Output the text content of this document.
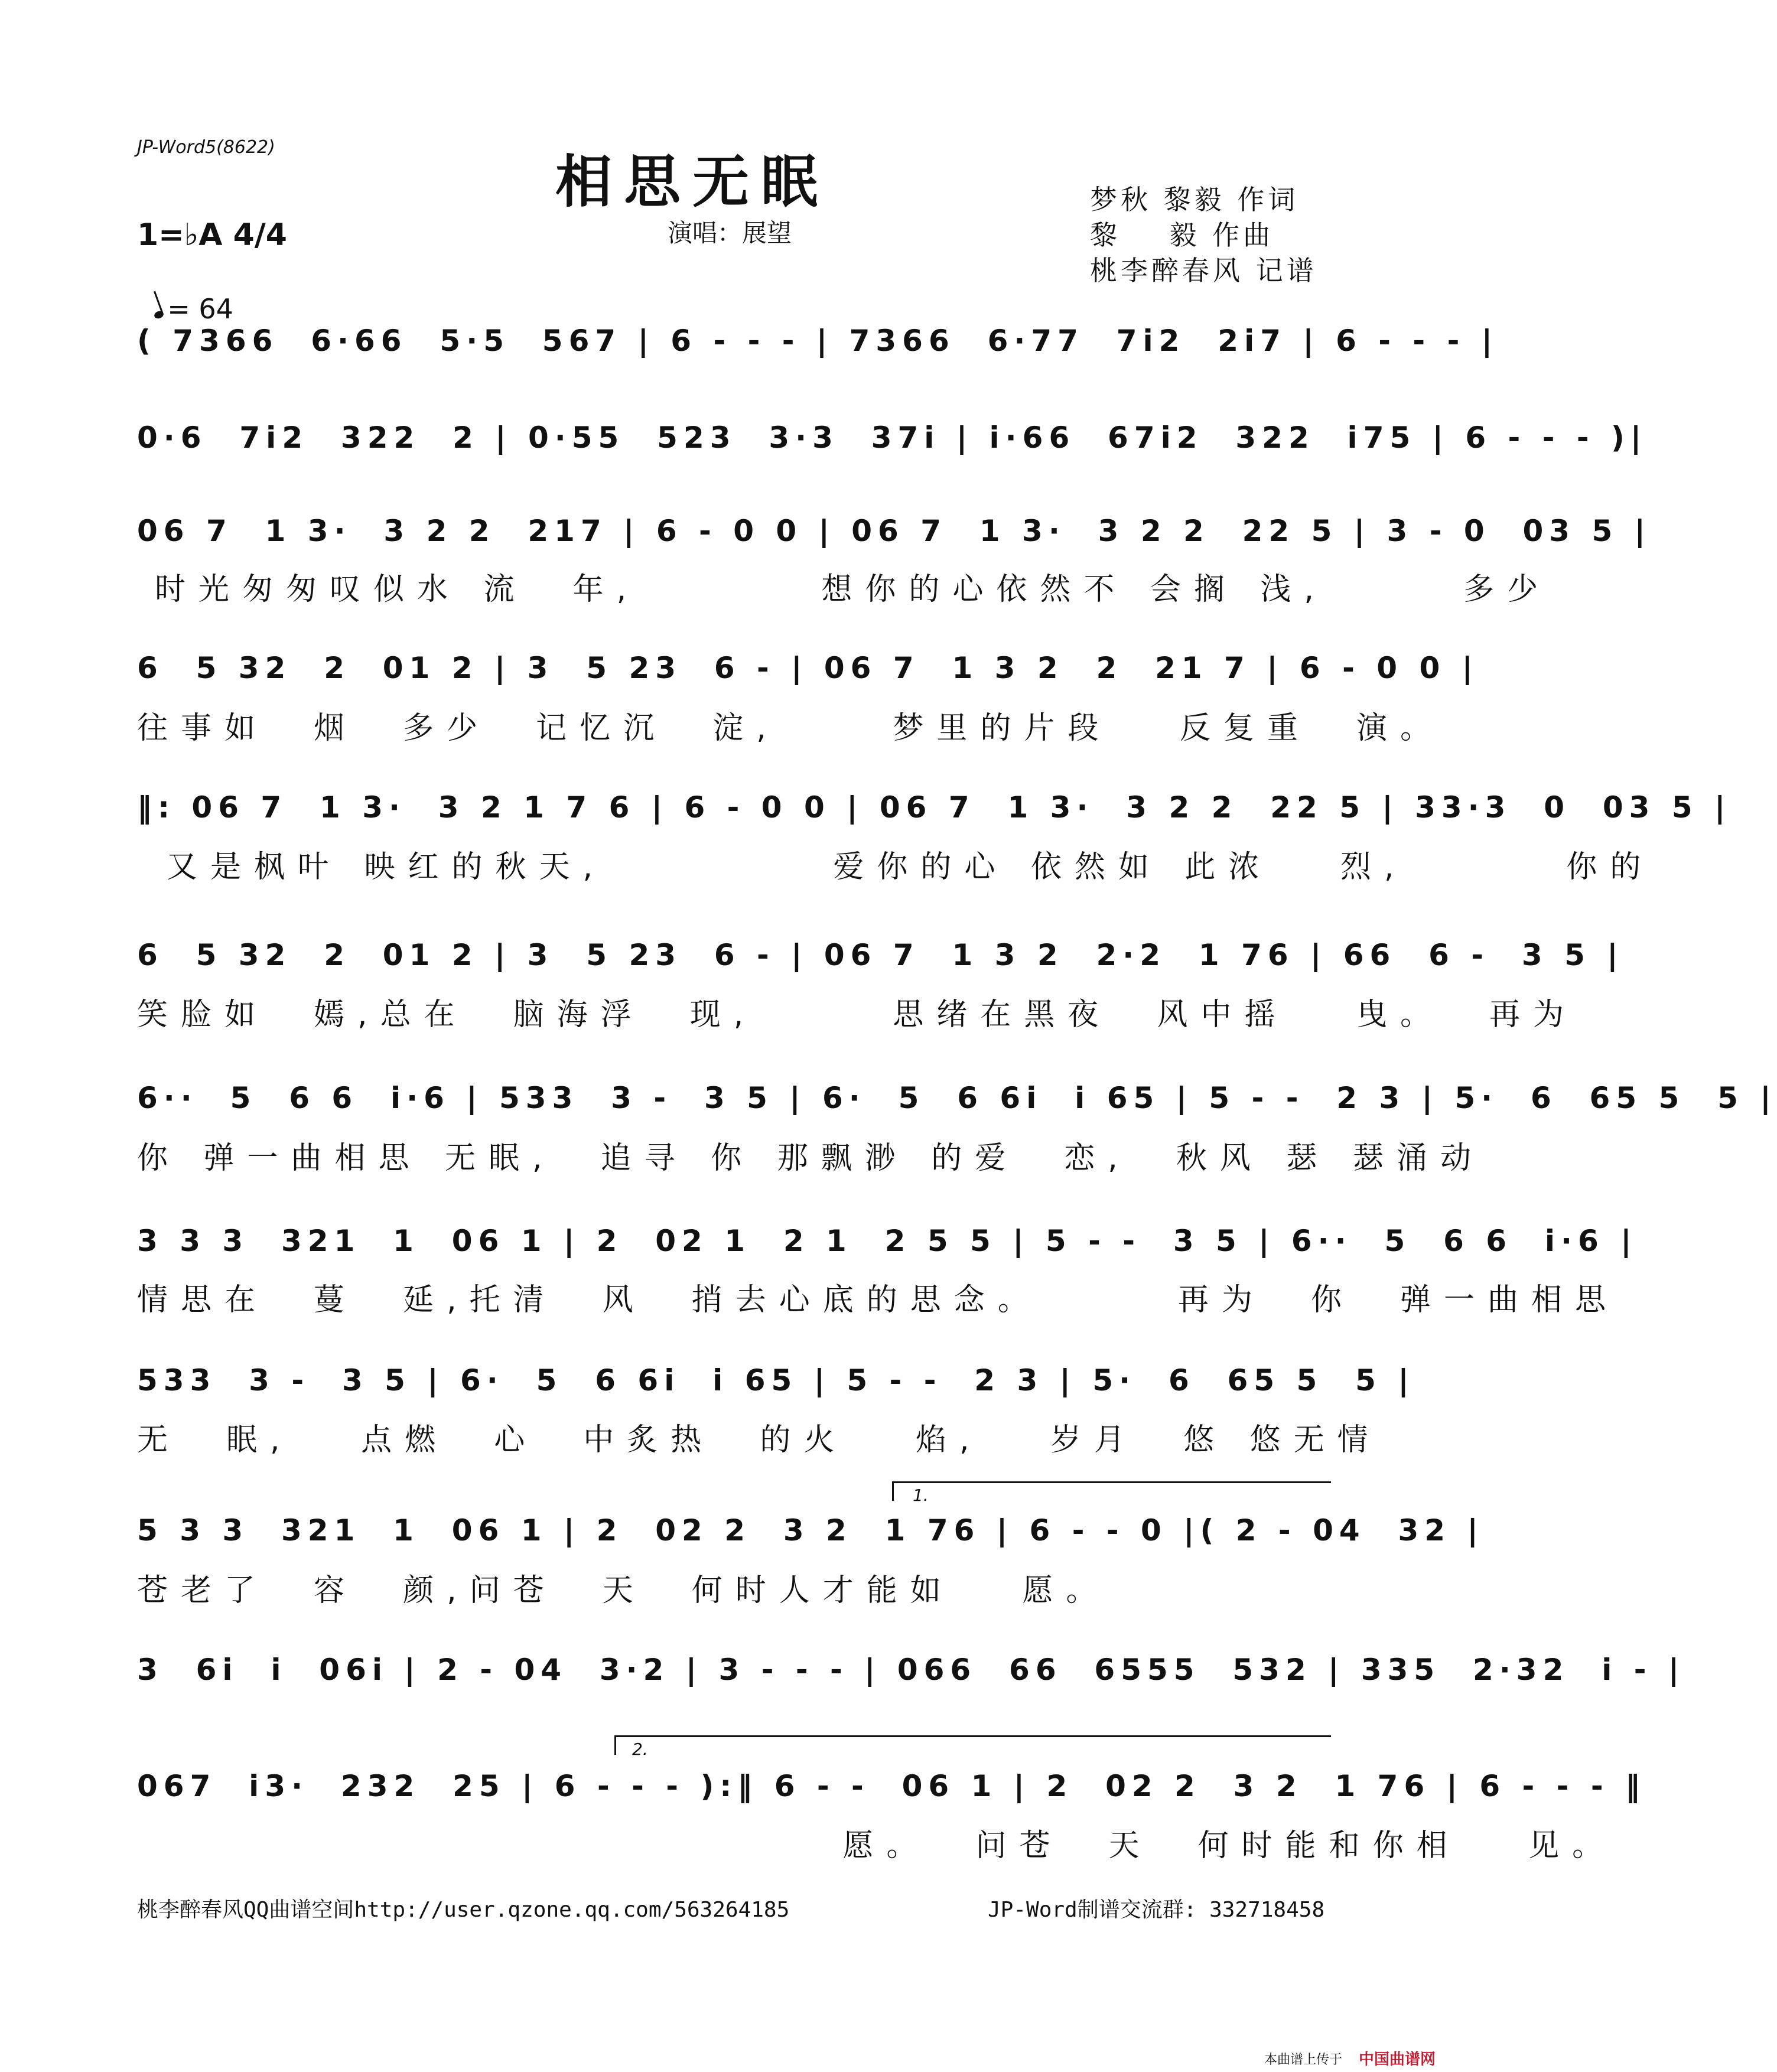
JP-Word5(8622)
相思无眠
演唱：展望
梦秋 黎毅 作词
黎    毅 作曲
桃李醉春风 记谱
1=♭A 4/4

= 64

( 7366  6·66  5·5  567 | 6 - - - | 7366  6·77  7i2  2i7 | 6 - - - |
0·6  7i2  322  2 | 0·55  523  3·3  37i | i·66  67i2  322  i75 | 6 - - - )|
06 7  1 3·  3 2 2  217 | 6 - 0 0 | 06 7  1 3·  3 2 2  22 5 | 3 - 0  03 5 |
时光匆匆叹似水 流  年,        想你的心依然不 会搁 浅,      多少
6  5 32  2  01 2 | 3  5 23  6 - | 06 7  1 3 2  2  21 7 | 6 - 0 0 |
往事如  烟  多少  记忆沉  淀,     梦里的片段   反复重  演。
‖: 06 7  1 3·  3 2 1 7 6 | 6 - 0 0 | 06 7  1 3·  3 2 2  22 5 | 33·3  0  03 5 |
又是枫叶 映红的秋天,          爱你的心 依然如 此浓   烈,       你的
6  5 32  2  01 2 | 3  5 23  6 - | 06 7  1 3 2  2·2  1 76 | 66  6 -  3 5 |
笑脸如  嫣,总在  脑海浮  现,      思绪在黑夜  风中摇   曳。  再为
6··  5  6 6  i·6 | 533  3 -  3 5 | 6·  5  6 6i  i 65 | 5 - -  2 3 | 5·  6  65 5  5 |
你 弹一曲相思 无眠,  追寻 你 那飘渺 的爱  恋,  秋风 瑟 瑟涌动
3 3 3  321  1  06 1 | 2  02 1  2 1  2 5 5 | 5 - -  3 5 | 6··  5  6 6  i·6 |
情思在  蔓  延,托清  风  捎去心底的思念。      再为  你  弹一曲相思
533  3 -  3 5 | 6·  5  6 6i  i 65 | 5 - -  2 3 | 5·  6  65 5  5 |
无  眠,   点燃  心  中炙热  的火   焰,   岁月  悠 悠无情
1.
5 3 3  321  1  06 1 | 2  02 2  3 2  1 76 | 6 - - 0 |( 2 - 04  32 |
苍老了  容  颜,问苍  天  何时人才能如   愿。
3  6i  i  06i | 2 - 04  3·2 | 3 - - - | 066  66  6555  532 | 335  2·32  i - |
2.
067  i3·  232  25 | 6 - - - ):‖ 6 - -  06 1 | 2  02 2  3 2  1 76 | 6 - - - ‖
愿。  问苍  天  何时能和你相   见。
桃李醉春风QQ曲谱空间http://user.qzone.qq.com/563264185	JP-Word制谱交流群: 332718458
本曲谱上传于 中国曲谱网
